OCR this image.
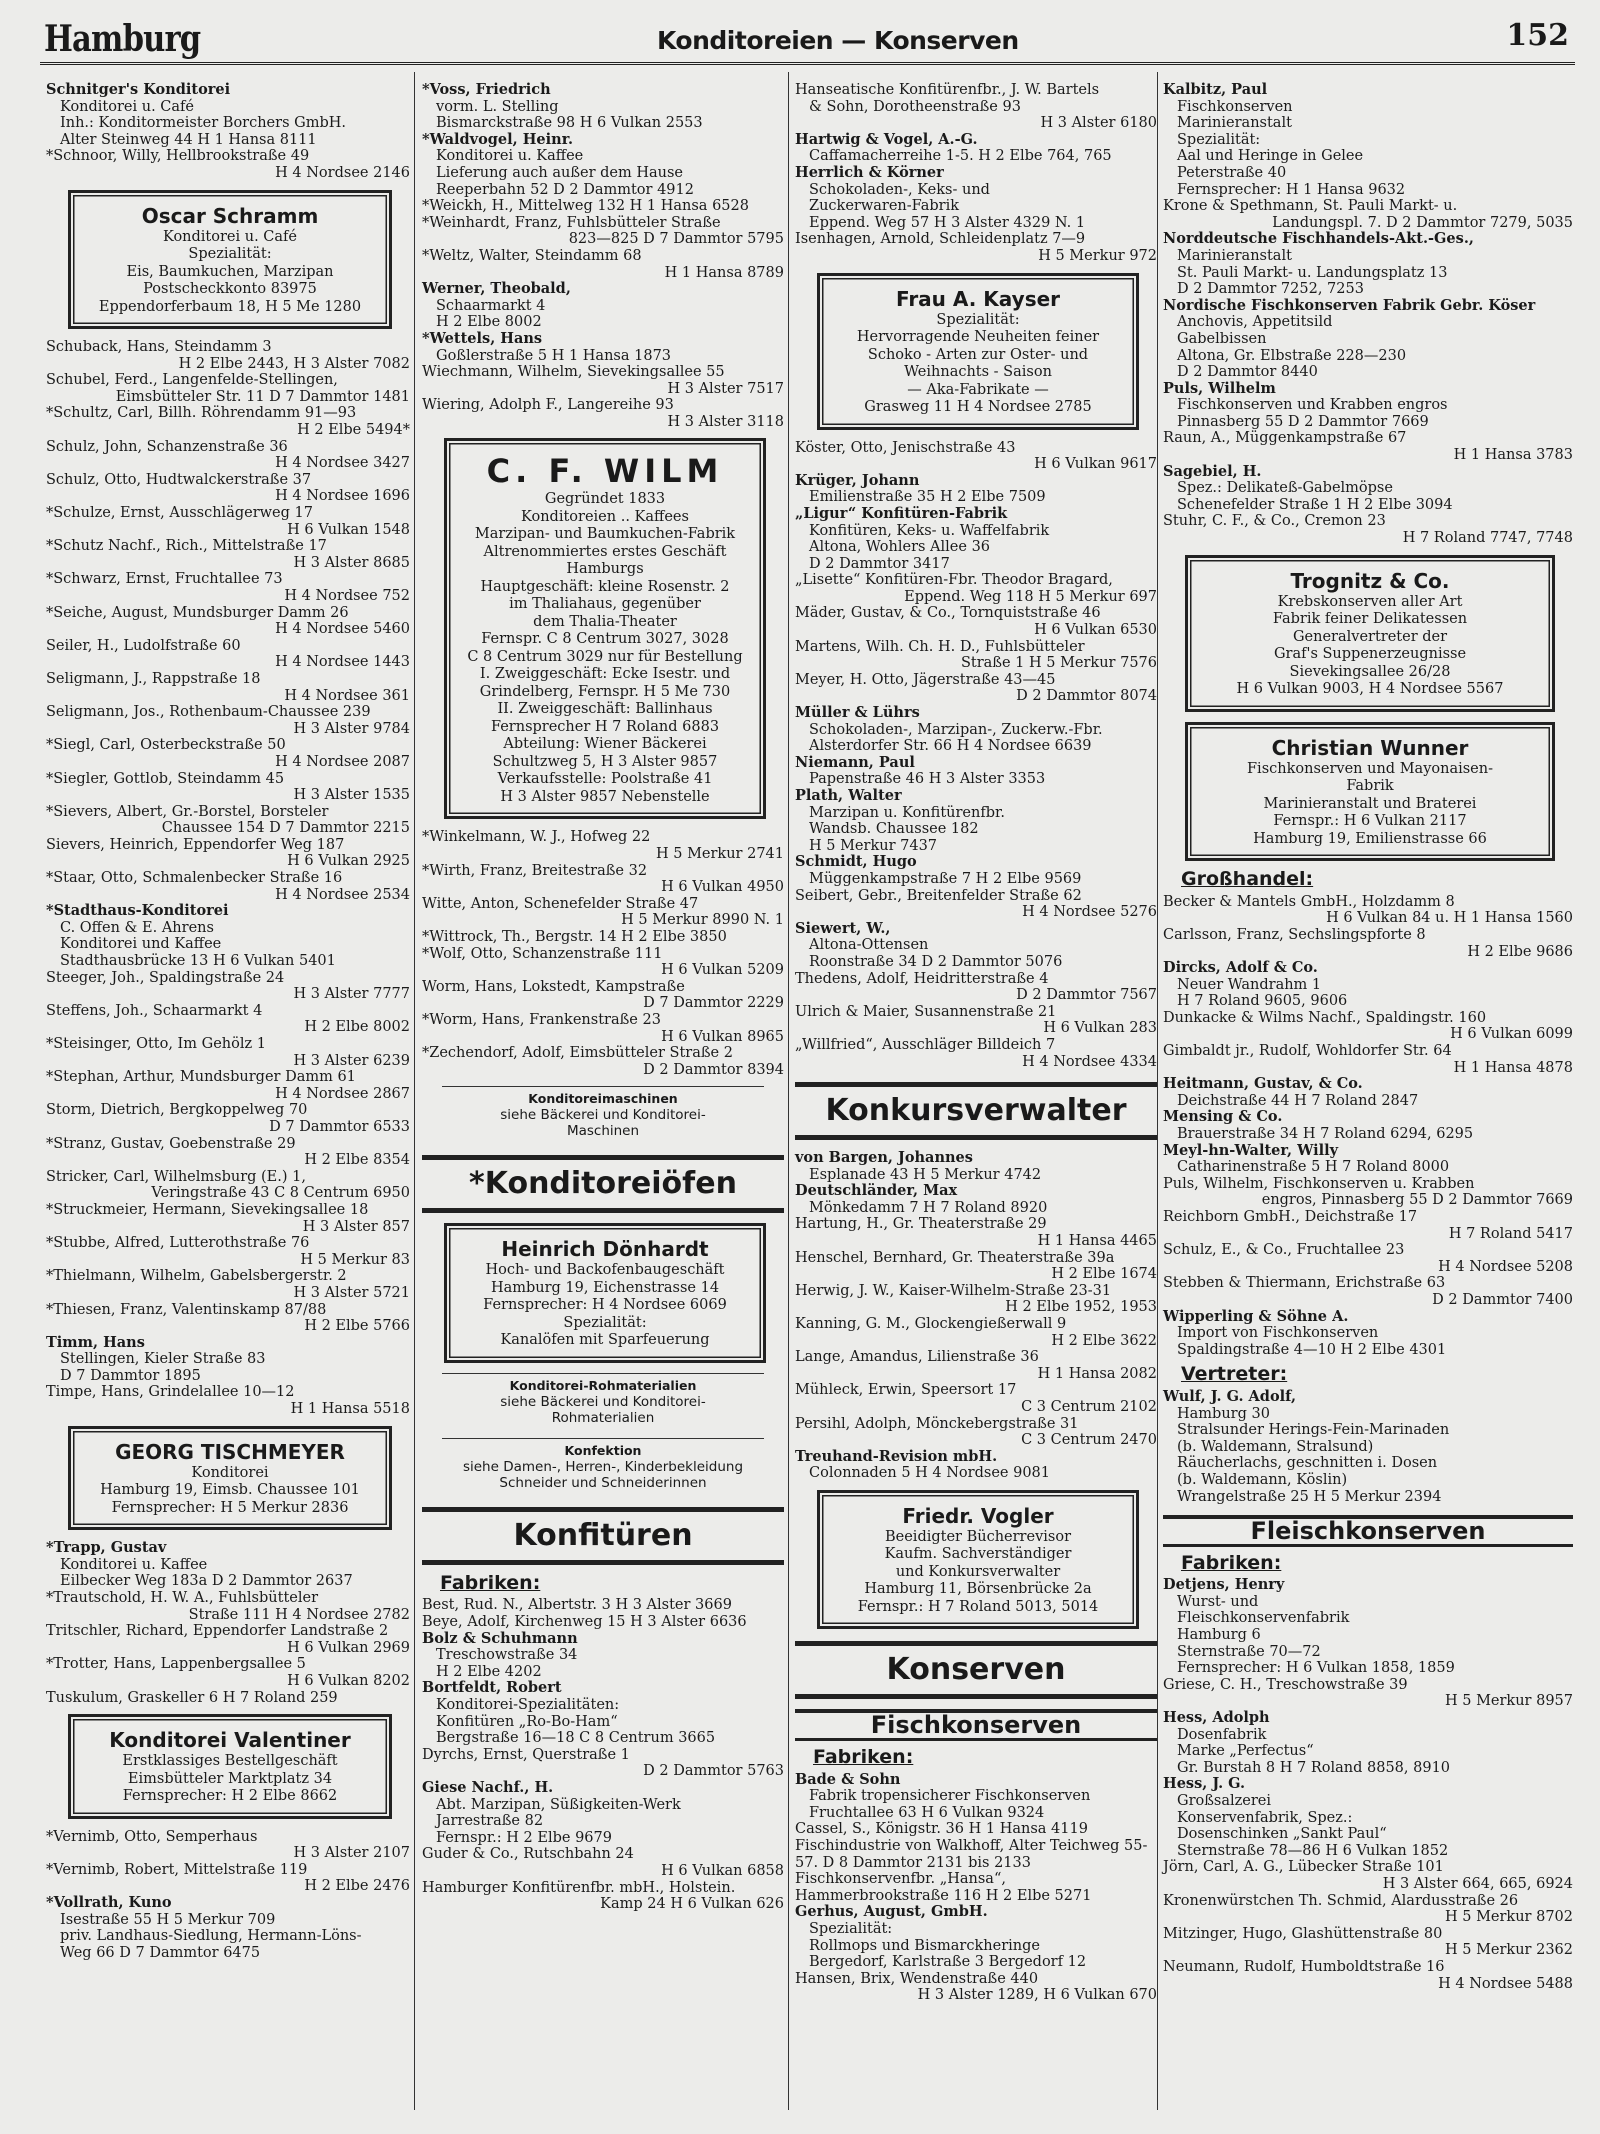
Hamburg	Konditoreien — Konserven	152
Schnitger's Konditorei
Konditorei u. Café
Inh.: Konditormeister Borchers GmbH.
Alter Steinweg 44 H 1 Hansa 8111
*Schnoor, Willy, Hellbrookstraße 49
H 4 Nordsee 2146
Oscar Schramm
Konditorei u. Café
Spezialität:
Eis, Baumkuchen, Marzipan
Postscheckkonto 83975
Eppendorferbaum 18, H 5 Me 1280
Schuback, Hans, Steindamm 3
H 2 Elbe 2443, H 3 Alster 7082
Schubel, Ferd., Langenfelde-Stellingen,
Eimsbütteler Str. 11 D 7 Dammtor 1481
*Schultz, Carl, Billh. Röhrendamm 91—93
H 2 Elbe 5494*
Schulz, John, Schanzenstraße 36
H 4 Nordsee 3427
Schulz, Otto, Hudtwalckerstraße 37
H 4 Nordsee 1696
*Schulze, Ernst, Ausschlägerweg 17
H 6 Vulkan 1548
*Schutz Nachf., Rich., Mittelstraße 17
H 3 Alster 8685
*Schwarz, Ernst, Fruchtallee 73
H 4 Nordsee 752
*Seiche, August, Mundsburger Damm 26
H 4 Nordsee 5460
Seiler, H., Ludolfstraße 60
H 4 Nordsee 1443
Seligmann, J., Rappstraße 18
H 4 Nordsee 361
Seligmann, Jos., Rothenbaum-Chaussee 239
H 3 Alster 9784
*Siegl, Carl, Osterbeckstraße 50
H 4 Nordsee 2087
*Siegler, Gottlob, Steindamm 45
H 3 Alster 1535
*Sievers, Albert, Gr.-Borstel, Borsteler
Chaussee 154 D 7 Dammtor 2215
Sievers, Heinrich, Eppendorfer Weg 187
H 6 Vulkan 2925
*Staar, Otto, Schmalenbecker Straße 16
H 4 Nordsee 2534
*Stadthaus-Konditorei
C. Offen & E. Ahrens
Konditorei und Kaffee
Stadthausbrücke 13 H 6 Vulkan 5401
Steeger, Joh., Spaldingstraße 24
H 3 Alster 7777
Steffens, Joh., Schaarmarkt 4
H 2 Elbe 8002
*Steisinger, Otto, Im Gehölz 1
H 3 Alster 6239
*Stephan, Arthur, Mundsburger Damm 61
H 4 Nordsee 2867
Storm, Dietrich, Bergkoppelweg 70
D 7 Dammtor 6533
*Stranz, Gustav, Goebenstraße 29
H 2 Elbe 8354
Stricker, Carl, Wilhelmsburg (E.) 1,
Veringstraße 43 C 8 Centrum 6950
*Struckmeier, Hermann, Sievekingsallee 18
H 3 Alster 857
*Stubbe, Alfred, Lutterothstraße 76
H 5 Merkur 83
*Thielmann, Wilhelm, Gabelsbergerstr. 2
H 3 Alster 5721
*Thiesen, Franz, Valentinskamp 87/88
H 2 Elbe 5766
Timm, Hans
Stellingen, Kieler Straße 83
D 7 Dammtor 1895
Timpe, Hans, Grindelallee 10—12
H 1 Hansa 5518
GEORG TISCHMEYER
Konditorei
Hamburg 19, Eimsb. Chaussee 101
Fernsprecher: H 5 Merkur 2836
*Trapp, Gustav
Konditorei u. Kaffee
Eilbecker Weg 183a D 2 Dammtor 2637
*Trautschold, H. W. A., Fuhlsbütteler
Straße 111 H 4 Nordsee 2782
Tritschler, Richard, Eppendorfer Landstraße 2
H 6 Vulkan 2969
*Trotter, Hans, Lappenbergsallee 5
H 6 Vulkan 8202
Tuskulum, Graskeller 6 H 7 Roland 259
Konditorei Valentiner
Erstklassiges Bestellgeschäft
Eimsbütteler Marktplatz 34
Fernsprecher: H 2 Elbe 8662
*Vernimb, Otto, Semperhaus
H 3 Alster 2107
*Vernimb, Robert, Mittelstraße 119
H 2 Elbe 2476
*Vollrath, Kuno
Isestraße 55 H 5 Merkur 709
priv. Landhaus-Siedlung, Hermann-Löns-
Weg 66 D 7 Dammtor 6475
*Voss, Friedrich
vorm. L. Stelling
Bismarckstraße 98 H 6 Vulkan 2553
*Waldvogel, Heinr.
Konditorei u. Kaffee
Lieferung auch außer dem Hause
Reeperbahn 52 D 2 Dammtor 4912
*Weickh, H., Mittelweg 132 H 1 Hansa 6528
*Weinhardt, Franz, Fuhlsbütteler Straße
823—825 D 7 Dammtor 5795
*Weltz, Walter, Steindamm 68
H 1 Hansa 8789
Werner, Theobald,
Schaarmarkt 4
H 2 Elbe 8002
*Wettels, Hans
Goßlerstraße 5 H 1 Hansa 1873
Wiechmann, Wilhelm, Sievekingsallee 55
H 3 Alster 7517
Wiering, Adolph F., Langereihe 93
H 3 Alster 3118
C. F. WILM
Gegründet 1833
Konditoreien .. Kaffees
Marzipan- und Baumkuchen-Fabrik
Altrenommiertes erstes Geschäft Hamburgs
Hauptgeschäft: kleine Rosenstr. 2
im Thaliahaus, gegenüber
dem Thalia-Theater
Fernspr. C 8 Centrum 3027, 3028
C 8 Centrum 3029 nur für Bestellung
I. Zweiggeschäft: Ecke Isestr. und
Grindelberg, Fernspr. H 5 Me 730
II. Zweiggeschäft: Ballinhaus
Fernsprecher H 7 Roland 6883
Abteilung: Wiener Bäckerei
Schultzweg 5, H 3 Alster 9857
Verkaufsstelle: Poolstraße 41
H 3 Alster 9857 Nebenstelle
*Winkelmann, W. J., Hofweg 22
H 5 Merkur 2741
*Wirth, Franz, Breitestraße 32
H 6 Vulkan 4950
Witte, Anton, Schenefelder Straße 47
H 5 Merkur 8990 N. 1
*Wittrock, Th., Bergstr. 14 H 2 Elbe 3850
*Wolf, Otto, Schanzenstraße 111
H 6 Vulkan 5209
Worm, Hans, Lokstedt, Kampstraße
D 7 Dammtor 2229
*Worm, Hans, Frankenstraße 23
H 6 Vulkan 8965
*Zechendorf, Adolf, Eimsbütteler Straße 2
D 2 Dammtor 8394
Konditoreimaschinen
siehe Bäckerei und Konditorei-
Maschinen
*Konditoreiöfen
Heinrich Dönhardt
Hoch- und Backofenbaugeschäft
Hamburg 19, Eichenstrasse 14
Fernsprecher: H 4 Nordsee 6069
Spezialität:
Kanalöfen mit Sparfeuerung
Konditorei-Rohmaterialien
siehe Bäckerei und Konditorei-
Rohmaterialien
Konfektion
siehe Damen-, Herren-, Kinderbekleidung
Schneider und Schneiderinnen
Konfitüren
Fabriken:
Best, Rud. N., Albertstr. 3 H 3 Alster 3669
Beye, Adolf, Kirchenweg 15 H 3 Alster 6636
Bolz & Schuhmann
Treschowstraße 34
H 2 Elbe 4202
Bortfeldt, Robert
Konditorei-Spezialitäten:
Konfitüren „Ro-Bo-Ham“
Bergstraße 16—18 C 8 Centrum 3665
Dyrchs, Ernst, Querstraße 1
D 2 Dammtor 5763
Giese Nachf., H.
Abt. Marzipan, Süßigkeiten-Werk
Jarrestraße 82
Fernspr.: H 2 Elbe 9679
Guder & Co., Rutschbahn 24
H 6 Vulkan 6858
Hamburger Konfitürenfbr. mbH., Holstein.
Kamp 24 H 6 Vulkan 626
Hanseatische Konfitürenfbr., J. W. Bartels
& Sohn, Dorotheenstraße 93
H 3 Alster 6180
Hartwig & Vogel, A.-G.
Caffamacherreihe 1-5. H 2 Elbe 764, 765
Herrlich & Körner
Schokoladen-, Keks- und
Zuckerwaren-Fabrik
Eppend. Weg 57 H 3 Alster 4329 N. 1
Isenhagen, Arnold, Schleidenplatz 7—9
H 5 Merkur 972
Frau A. Kayser
Spezialität:
Hervorragende Neuheiten feiner
Schoko - Arten zur Oster- und
Weihnachts - Saison
— Aka-Fabrikate —
Grasweg 11 H 4 Nordsee 2785
Köster, Otto, Jenischstraße 43
H 6 Vulkan 9617
Krüger, Johann
Emilienstraße 35 H 2 Elbe 7509
„Ligur“ Konfitüren-Fabrik
Konfitüren, Keks- u. Waffelfabrik
Altona, Wohlers Allee 36
D 2 Dammtor 3417
„Lisette“ Konfitüren-Fbr. Theodor Bragard,
Eppend. Weg 118 H 5 Merkur 697
Mäder, Gustav, & Co., Tornquiststraße 46
H 6 Vulkan 6530
Martens, Wilh. Ch. H. D., Fuhlsbütteler
Straße 1 H 5 Merkur 7576
Meyer, H. Otto, Jägerstraße 43—45
D 2 Dammtor 8074
Müller & Lührs
Schokoladen-, Marzipan-, Zuckerw.-Fbr.
Alsterdorfer Str. 66 H 4 Nordsee 6639
Niemann, Paul
Papenstraße 46 H 3 Alster 3353
Plath, Walter
Marzipan u. Konfitürenfbr.
Wandsb. Chaussee 182
H 5 Merkur 7437
Schmidt, Hugo
Müggenkampstraße 7 H 2 Elbe 9569
Seibert, Gebr., Breitenfelder Straße 62
H 4 Nordsee 5276
Siewert, W.,
Altona-Ottensen
Roonstraße 34 D 2 Dammtor 5076
Thedens, Adolf, Heidritterstraße 4
D 2 Dammtor 7567
Ulrich & Maier, Susannenstraße 21
H 6 Vulkan 283
„Willfried“, Ausschläger Billdeich 7
H 4 Nordsee 4334
Konkursverwalter
von Bargen, Johannes
Esplanade 43 H 5 Merkur 4742
Deutschländer, Max
Mönkedamm 7 H 7 Roland 8920
Hartung, H., Gr. Theaterstraße 29
H 1 Hansa 4465
Henschel, Bernhard, Gr. Theaterstraße 39a
H 2 Elbe 1674
Herwig, J. W., Kaiser-Wilhelm-Straße 23-31
H 2 Elbe 1952, 1953
Kanning, G. M., Glockengießerwall 9
H 2 Elbe 3622
Lange, Amandus, Lilienstraße 36
H 1 Hansa 2082
Mühleck, Erwin, Speersort 17
C 3 Centrum 2102
Persihl, Adolph, Mönckebergstraße 31
C 3 Centrum 2470
Treuhand-Revision mbH.
Colonnaden 5 H 4 Nordsee 9081
Friedr. Vogler
Beeidigter Bücherrevisor
Kaufm. Sachverständiger
und Konkursverwalter
Hamburg 11, Börsenbrücke 2a
Fernspr.: H 7 Roland 5013, 5014
Konserven
Fischkonserven
Fabriken:
Bade & Sohn
Fabrik tropensicherer Fischkonserven
Fruchtallee 63 H 6 Vulkan 9324
Cassel, S., Königstr. 36 H 1 Hansa 4119
Fischindustrie von Walkhoff, Alter Teichweg 55-57. D 8 Dammtor 2131 bis 2133
Fischkonservenfbr. „Hansa“, Hammerbrookstraße 116 H 2 Elbe 5271
Gerhus, August, GmbH.
Spezialität:
Rollmops und Bismarckheringe
Bergedorf, Karlstraße 3 Bergedorf 12
Hansen, Brix, Wendenstraße 440
H 3 Alster 1289, H 6 Vulkan 670
Kalbitz, Paul
Fischkonserven
Marinieranstalt
Spezialität:
Aal und Heringe in Gelee
Peterstraße 40
Fernsprecher: H 1 Hansa 9632
Krone & Spethmann, St. Pauli Markt- u.
Landungspl. 7. D 2 Dammtor 7279, 5035
Norddeutsche Fischhandels-Akt.-Ges.,
Marinieranstalt
St. Pauli Markt- u. Landungsplatz 13
D 2 Dammtor 7252, 7253
Nordische Fischkonserven Fabrik Gebr. Köser
Anchovis, Appetitsild
Gabelbissen
Altona, Gr. Elbstraße 228—230
D 2 Dammtor 8440
Puls, Wilhelm
Fischkonserven und Krabben engros
Pinnasberg 55 D 2 Dammtor 7669
Raun, A., Müggenkampstraße 67
H 1 Hansa 3783
Sagebiel, H.
Spez.: Delikateß-Gabelmöpse
Schenefelder Straße 1 H 2 Elbe 3094
Stuhr, C. F., & Co., Cremon 23
H 7 Roland 7747, 7748
Trognitz & Co.
Krebskonserven aller Art
Fabrik feiner Delikatessen
Generalvertreter der
Graf's Suppenerzeugnisse
Sievekingsallee 26/28
H 6 Vulkan 9003, H 4 Nordsee 5567
Christian Wunner
Fischkonserven und Mayonaisen-
Fabrik
Marinieranstalt und Braterei
Fernspr.: H 6 Vulkan 2117
Hamburg 19, Emilienstrasse 66
Großhandel:
Becker & Mantels GmbH., Holzdamm 8
H 6 Vulkan 84 u. H 1 Hansa 1560
Carlsson, Franz, Sechslingspforte 8
H 2 Elbe 9686
Dircks, Adolf & Co.
Neuer Wandrahm 1
H 7 Roland 9605, 9606
Dunkacke & Wilms Nachf., Spaldingstr. 160
H 6 Vulkan 6099
Gimbaldt jr., Rudolf, Wohldorfer Str. 64
H 1 Hansa 4878
Heitmann, Gustav, & Co.
Deichstraße 44 H 7 Roland 2847
Mensing & Co.
Brauerstraße 34 H 7 Roland 6294, 6295
Meyl-hn-Walter, Willy
Catharinenstraße 5 H 7 Roland 8000
Puls, Wilhelm, Fischkonserven u. Krabben
engros, Pinnasberg 55 D 2 Dammtor 7669
Reichborn GmbH., Deichstraße 17
H 7 Roland 5417
Schulz, E., & Co., Fruchtallee 23
H 4 Nordsee 5208
Stebben & Thiermann, Erichstraße 63
D 2 Dammtor 7400
Wipperling & Söhne A.
Import von Fischkonserven
Spaldingstraße 4—10 H 2 Elbe 4301
Vertreter:
Wulf, J. G. Adolf,
Hamburg 30
Stralsunder Herings-Fein-Marinaden
(b. Waldemann, Stralsund)
Räucherlachs, geschnitten i. Dosen
(b. Waldemann, Köslin)
Wrangelstraße 25 H 5 Merkur 2394
Fleischkonserven
Fabriken:
Detjens, Henry
Wurst- und
Fleischkonservenfabrik
Hamburg 6
Sternstraße 70—72
Fernsprecher: H 6 Vulkan 1858, 1859
Griese, C. H., Treschowstraße 39
H 5 Merkur 8957
Hess, Adolph
Dosenfabrik
Marke „Perfectus“
Gr. Burstah 8 H 7 Roland 8858, 8910
Hess, J. G.
Großsalzerei
Konservenfabrik, Spez.:
Dosenschinken „Sankt Paul“
Sternstraße 78—86 H 6 Vulkan 1852
Jörn, Carl, A. G., Lübecker Straße 101
H 3 Alster 664, 665, 6924
Kronenwürstchen Th. Schmid, Alardusstraße 26
H 5 Merkur 8702
Mitzinger, Hugo, Glashüttenstraße 80
H 5 Merkur 2362
Neumann, Rudolf, Humboldtstraße 16
H 4 Nordsee 5488
